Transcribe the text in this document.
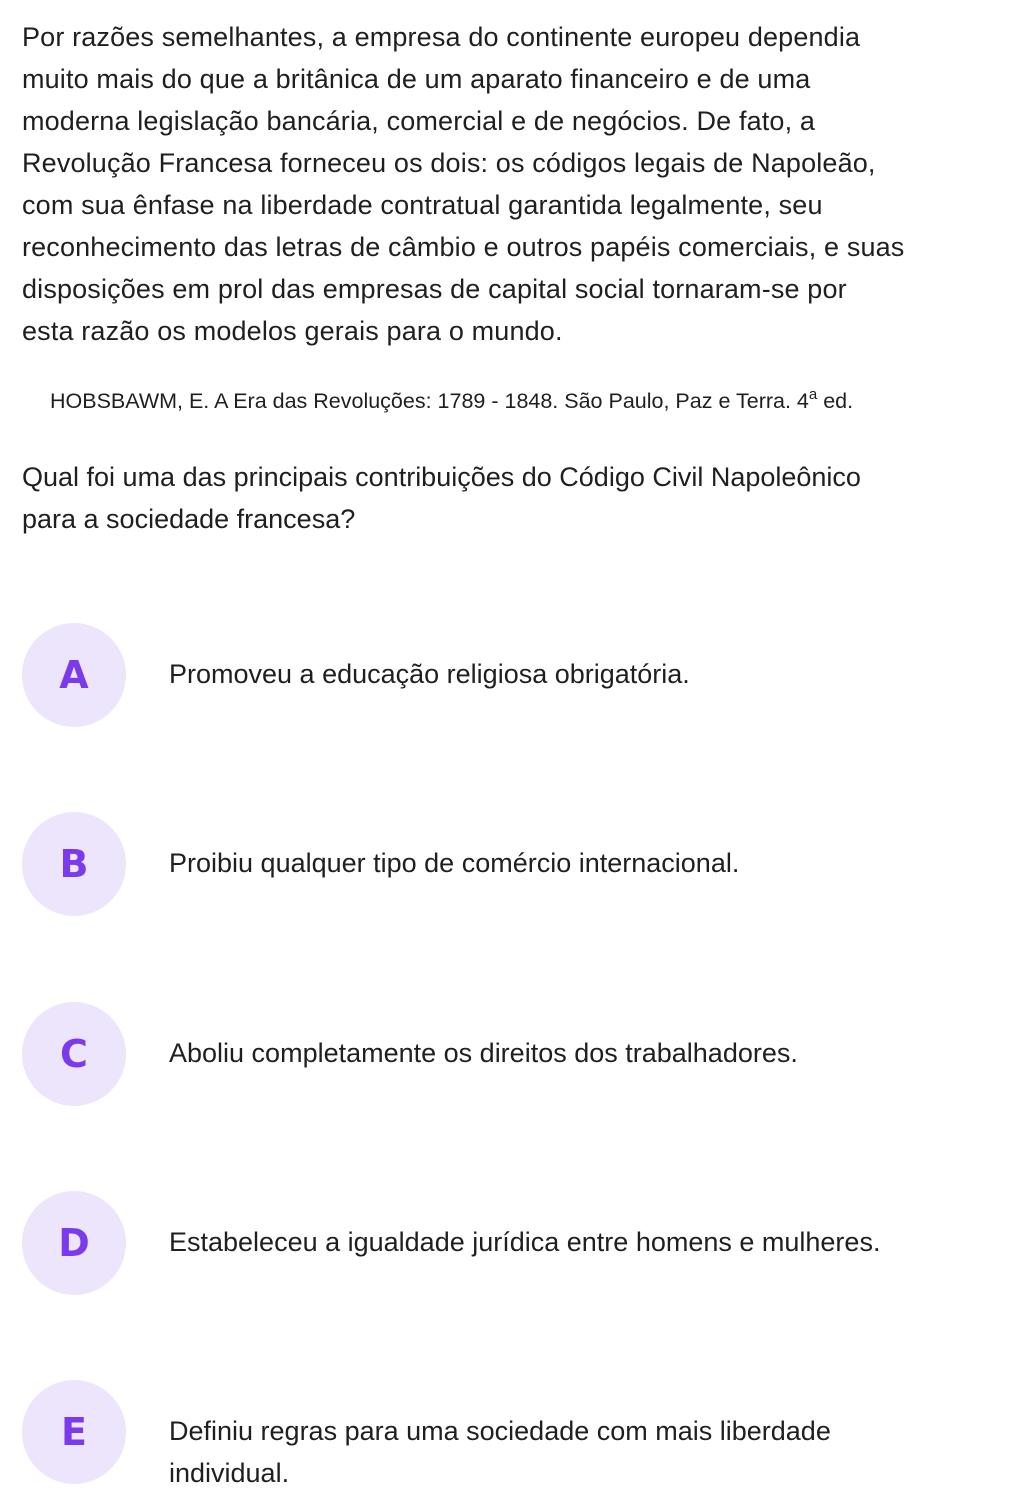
Por razões semelhantes, a empresa do continente europeu dependia
muito mais do que a britânica de um aparato financeiro e de uma
moderna legislação bancária, comercial e de negócios. De fato, a
Revolução Francesa forneceu os dois: os códigos legais de Napoleão,
com sua ênfase na liberdade contratual garantida legalmente, seu
reconhecimento das letras de câmbio e outros papéis comerciais, e suas
disposições em prol das empresas de capital social tornaram-se por
esta razão os modelos gerais para o mundo.
HOBSBAWM, E. A Era das Revoluções: 1789 - 1848. São Paulo, Paz e Terra. 4$^a$ ed.
Qual foi uma das principais contribuições do Código Civil Napoleônico
para a sociedade francesa?
A	Promoveu a educação religiosa obrigatória.
B	Proibiu qualquer tipo de comércio internacional.
C	Aboliu completamente os direitos dos trabalhadores.
D	Estabeleceu a igualdade jurídica entre homens e mulheres.
E	Definiu regras para uma sociedade com mais liberdade
individual.
